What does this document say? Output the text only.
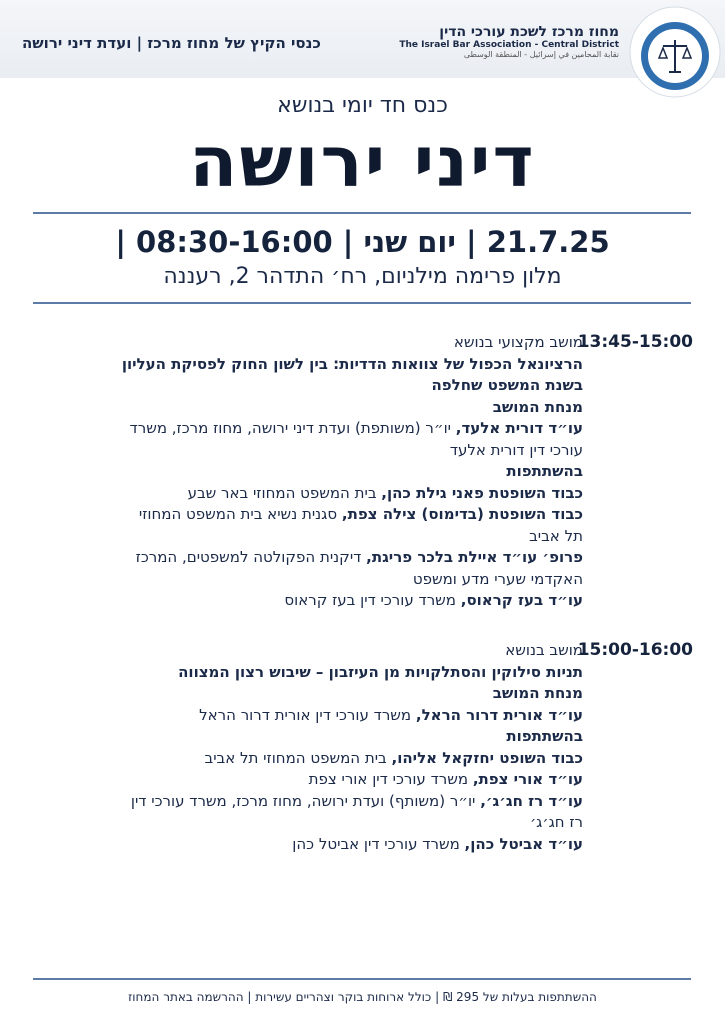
כנסי הקיץ של מחוז מרכז | ועדת דיני ירושה
מחוז מרכז לשכת עורכי הדין
The Israel Bar Association - Central District
نقابة المحامين في إسرائيل - المنطقة الوسطى
כנס חד יומי בנושא
דיני ירושה
21.7.25 | יום שני | 08:30-16:00 |
מלון פרימה מילניום, רח׳ התדהר 2, רעננה
13:45-15:00
מושב מקצועי בנושא
הרציונאל הכפול של צוואות הדדיות: בין לשון החוק לפסיקת העליון
בשנת המשפט שחלפה
מנחת המושב
עו״ד דורית אלעד, יו״ר (משותפת) ועדת דיני ירושה, מחוז מרכז, משרד
עורכי דין דורית אלעד
בהשתתפות
כבוד השופטת פאני גילת כהן, בית המשפט המחוזי באר שבע
כבוד השופטת (בדימוס) צילה צפת, סגנית נשיא בית המשפט המחוזי
תל אביב
פרופ׳ עו״ד איילת בלכר פריגת, דיקנית הפקולטה למשפטים, המרכז
האקדמי שערי מדע ומשפט
עו״ד בעז קראוס, משרד עורכי דין בעז קראוס
15:00-16:00
מושב בנושא
תניות סילוקין והסתלקויות מן העיזבון – שיבוש רצון המצווה
מנחת המושב
עו״ד אורית דרור הראל, משרד עורכי דין אורית דרור הראל
בהשתתפות
כבוד השופט יחזקאל אליהו, בית המשפט המחוזי תל אביב
עו״ד אורי צפת, משרד עורכי דין אורי צפת
עו״ד רז חג׳ג׳, יו״ר (משותף) ועדת ירושה, מחוז מרכז, משרד עורכי דין
רז חג׳ג׳
עו״ד אביטל כהן, משרד עורכי דין אביטל כהן
ההשתתפות בעלות של 295 ₪ | כולל ארוחות בוקר וצהריים עשירות | ההרשמה באתר המחוז
